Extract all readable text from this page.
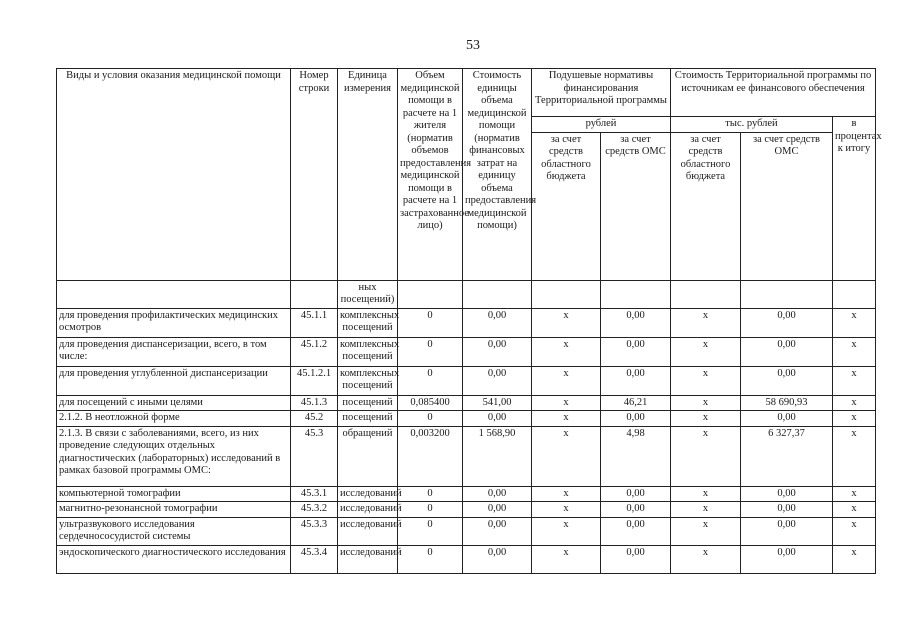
53
Виды и условия оказания медицинской помощи	Номер строки	Единица измерения	Объем медицинской помощи в расчете на 1 жителя (норматив объемов предоставления медицинской помощи в расчете на 1 застрахованное лицо)	Стоимость единицы объема медицинской помощи (норматив финансовых затрат на единицу объема предоставления медицинской помощи)	Подушевые нормативы финансирования Территориальной программы		Стоимость Территориальной программы по источникам ее финансового обеспечения		
					рублей		тыс. рублей		в процентах к итогу
					за счет средств областного бюджета	за счет средств ОМС	за счет средств областного бюджета	за счет средств ОМС	
		ных посещений)							
для проведения профилактических медицинских осмотров	45.1.1	комплексных посещений	0	0,00	x	0,00	x	0,00	x
для проведения диспансеризации, всего, в том числе:	45.1.2	комплексных посещений	0	0,00	x	0,00	x	0,00	x
для проведения углубленной диспансеризации	45.1.2.1	комплексных посещений	0	0,00	x	0,00	x	0,00	x
для посещений с иными целями	45.1.3	посещений	0,085400	541,00	x	46,21	x	58 690,93	x
2.1.2. В неотложной форме	45.2	посещений	0	0,00	x	0,00	x	0,00	x
2.1.3. В связи с заболеваниями, всего, из них проведение следующих отдельных диагностических (лабораторных) исследований в рамках базовой программы ОМС:	45.3	обращений	0,003200	1 568,90	x	4,98	x	6 327,37	x
компьютерной томографии	45.3.1	исследований	0	0,00	x	0,00	x	0,00	x
магнитно-резонансной томографии	45.3.2	исследований	0	0,00	x	0,00	x	0,00	x
ультразвукового исследования сердечнососудистой системы	45.3.3	исследований	0	0,00	x	0,00	x	0,00	x
эндоскопического диагностического исследования	45.3.4	исследований	0	0,00	x	0,00	x	0,00	x
